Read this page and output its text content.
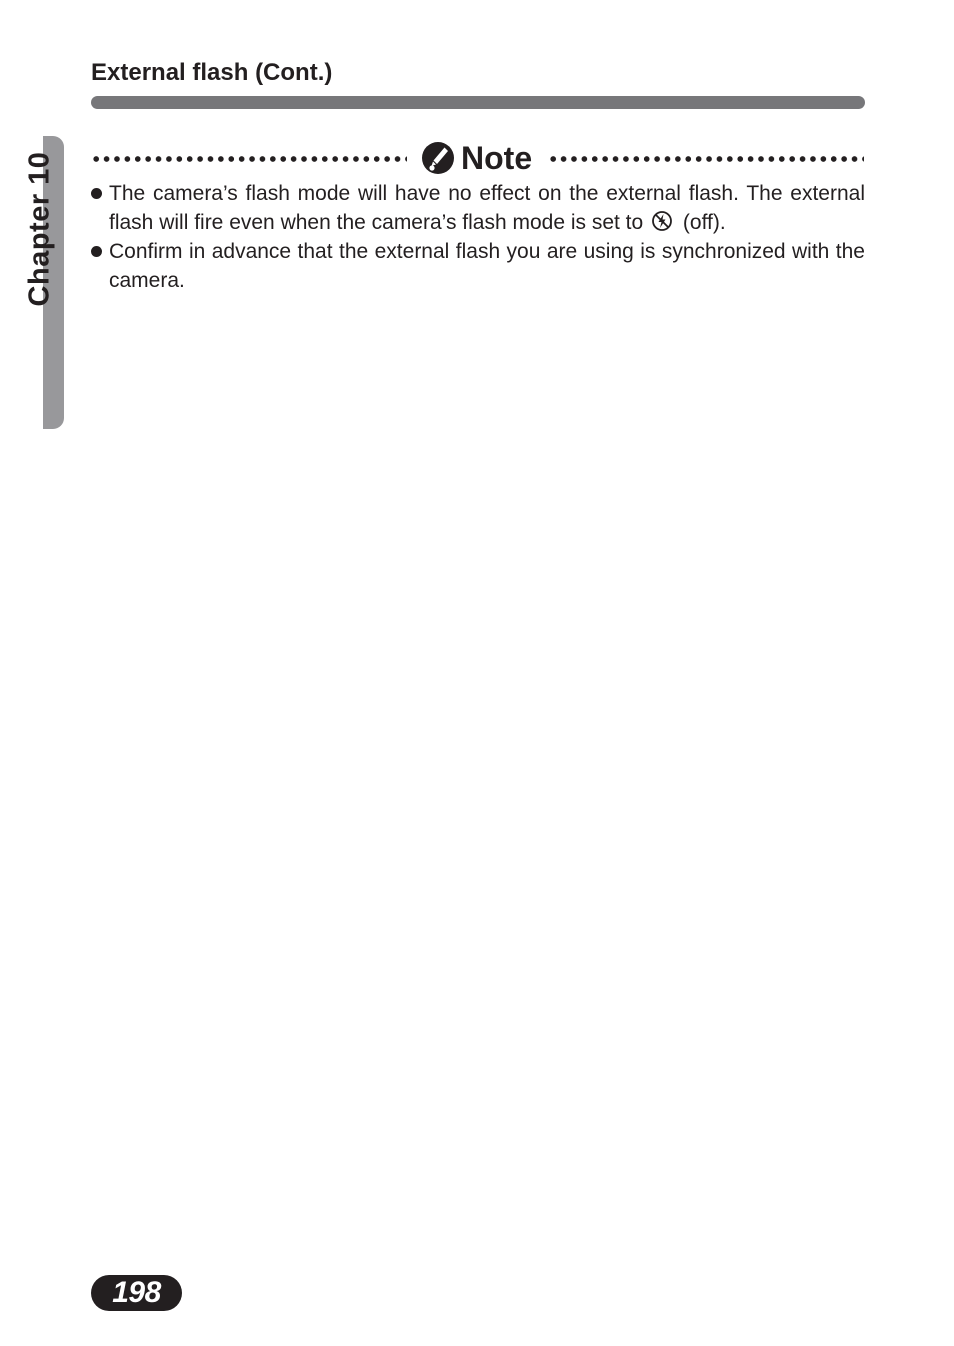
External flash (Cont.)
Chapter 10	Note
The camera’s flash mode will have no effect on the external flash. The external flash will fire even when the camera’s flash mode is set to (off).
Confirm in advance that the external flash you are using is synchronized with the camera.
198
